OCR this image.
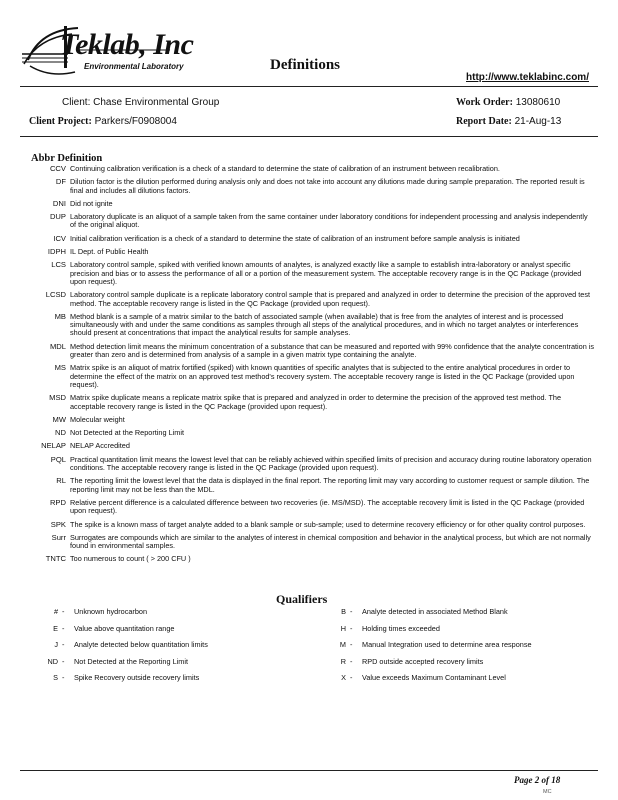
Teklab, Inc
Environmental Laboratory	Definitions
http://www.teklabinc.com/
Client: Chase Environmental Group
Client Project: Parkers/F0908004
Work Order: 13080610
Report Date: 21-Aug-13
Abbr Definition
CCV Continuing calibration verification is a check of a standard to determine the state of calibration of an instrument between recalibration.
DF Dilution factor is the dilution performed during analysis only and does not take into account any dilutions made during sample preparation. The reported result is final and includes all dilutions factors.
DNI Did not ignite
DUP Laboratory duplicate is an aliquot of a sample taken from the same container under laboratory conditions for independent processing and analysis independently of the original aliquot.
ICV Initial calibration verification is a check of a standard to determine the state of calibration of an instrument before sample analysis is initiated
IDPH IL Dept. of Public Health
LCS Laboratory control sample, spiked with verified known amounts of analytes, is analyzed exactly like a sample to establish intra-laboratory or analyst specific precision and bias or to assess the performance of all or a portion of the measurement system. The acceptable recovery range is in the QC Package (provided upon request).
LCSD Laboratory control sample duplicate is a replicate laboratory control sample that is prepared and analyzed in order to determine the precision of the approved test method. The acceptable recovery range is listed in the QC Package (provided upon request).
MB Method blank is a sample of a matrix similar to the batch of associated sample (when available) that is free from the analytes of interest and is processed simultaneously with and under the same conditions as samples through all steps of the analytical procedures, and in which no target analytes or interferences should present at concentrations that impact the analytical results for sample analyses.
MDL Method detection limit means the minimum concentration of a substance that can be measured and reported with 99% confidence that the analyte concentration is greater than zero and is determined from analysis of a sample in a given matrix type containing the analyte.
MS Matrix spike is an aliquot of matrix fortified (spiked) with known quantities of specific analytes that is subjected to the entire analytical procedures in order to determine the effect of the matrix on an approved test method's recovery system. The acceptable recovery range is listed in the QC Package (provided upon request).
MSD Matrix spike duplicate means a replicate matrix spike that is prepared and analyzed in order to determine the precision of the approved test method. The acceptable recovery range is listed in the QC Package (provided upon request).
MW Molecular weight
ND Not Detected at the Reporting Limit
NELAP NELAP Accredited
PQL Practical quantitation limit means the lowest level that can be reliably achieved within specified limits of precision and accuracy during routine laboratory operation conditions. The acceptable recovery range is listed in the QC Package (provided upon request).
RL The reporting limit the lowest level that the data is displayed in the final report. The reporting limit may vary according to customer request or sample dilution. The reporting limit may not be less than the MDL.
RPD Relative percent difference is a calculated difference between two recoveries (ie. MS/MSD). The acceptable recovery limit is listed in the QC Package (provided upon request).
SPK The spike is a known mass of target analyte added to a blank sample or sub-sample; used to determine recovery efficiency or for other quality control purposes.
Surr Surrogates are compounds which are similar to the analytes of interest in chemical composition and behavior in the analytical process, but which are not normally found in environmental samples.
TNTC Too numerous to count ( > 200 CFU )
Qualifiers
# -	Unknown hydrocarbon
E -	Value above quantitation range
J -	Analyte detected below quantitation limits
ND -	Not Detected at the Reporting Limit
S -	Spike Recovery outside recovery limits
B -	Analyte detected in associated Method Blank
H -	Holding times exceeded
M -	Manual Integration used to determine area response
R -	RPD outside accepted recovery limits
X -	Value exceeds Maximum Contaminant Level
Page 2 of 18
MC
